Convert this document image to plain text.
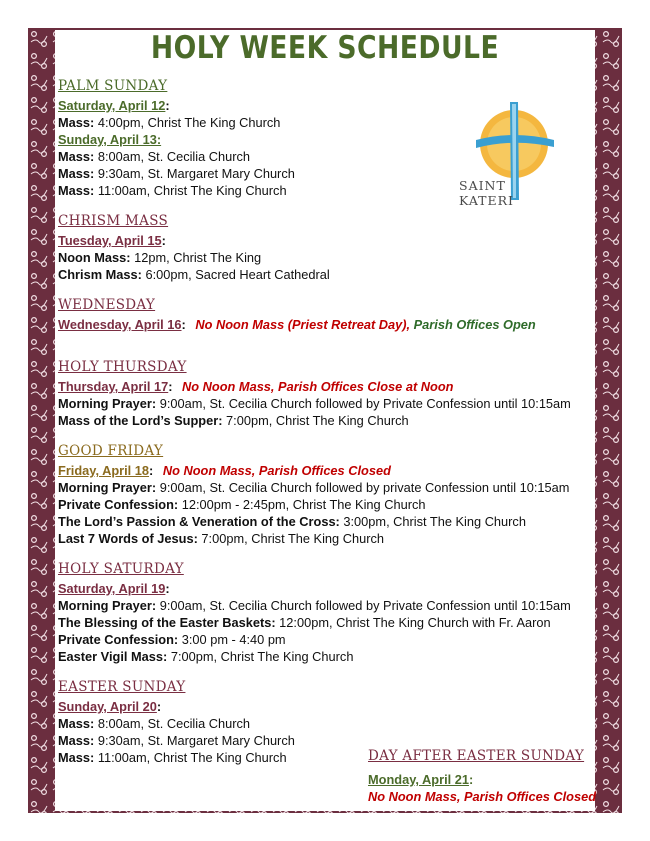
HOLY WEEK SCHEDULE
SAINT  KATERI
PALM SUNDAY
Saturday, April 12:
Mass: 4:00pm, Christ The King Church
Sunday, April 13:
Mass: 8:00am, St. Cecilia Church
Mass: 9:30am, St. Margaret Mary Church
Mass: 11:00am, Christ The King Church
CHRISM MASS
Tuesday, April 15:
Noon Mass: 12pm, Christ The King
Chrism Mass: 6:00pm, Sacred Heart Cathedral
WEDNESDAY
Wednesday, April 16: No Noon Mass (Priest Retreat Day), Parish Offices Open
HOLY THURSDAY
Thursday, April 17: No Noon Mass, Parish Offices Close at Noon
Morning Prayer: 9:00am, St. Cecilia Church followed by Private Confession until 10:15am
Mass of the Lord’s Supper: 7:00pm, Christ The King Church
GOOD FRIDAY
Friday, April 18: No Noon Mass, Parish Offices Closed
Morning Prayer: 9:00am, St. Cecilia Church followed by private Confession until 10:15am
Private Confession: 12:00pm - 2:45pm, Christ The King Church
The Lord’s Passion & Veneration of the Cross: 3:00pm, Christ The King Church
Last 7 Words of Jesus: 7:00pm, Christ The King Church
HOLY SATURDAY
Saturday, April 19:
Morning Prayer: 9:00am, St. Cecilia Church followed by Private Confession until 10:15am
The Blessing of the Easter Baskets: 12:00pm, Christ The King Church with Fr. Aaron
Private Confession: 3:00 pm - 4:40 pm
Easter Vigil Mass: 7:00pm, Christ The King Church
EASTER SUNDAY
Sunday, April 20:
Mass: 8:00am, St. Cecilia Church
Mass: 9:30am, St. Margaret Mary Church
Mass: 11:00am, Christ The King Church	DAY AFTER EASTER SUNDAY
Monday, April 21:
No Noon Mass, Parish Offices Closed
